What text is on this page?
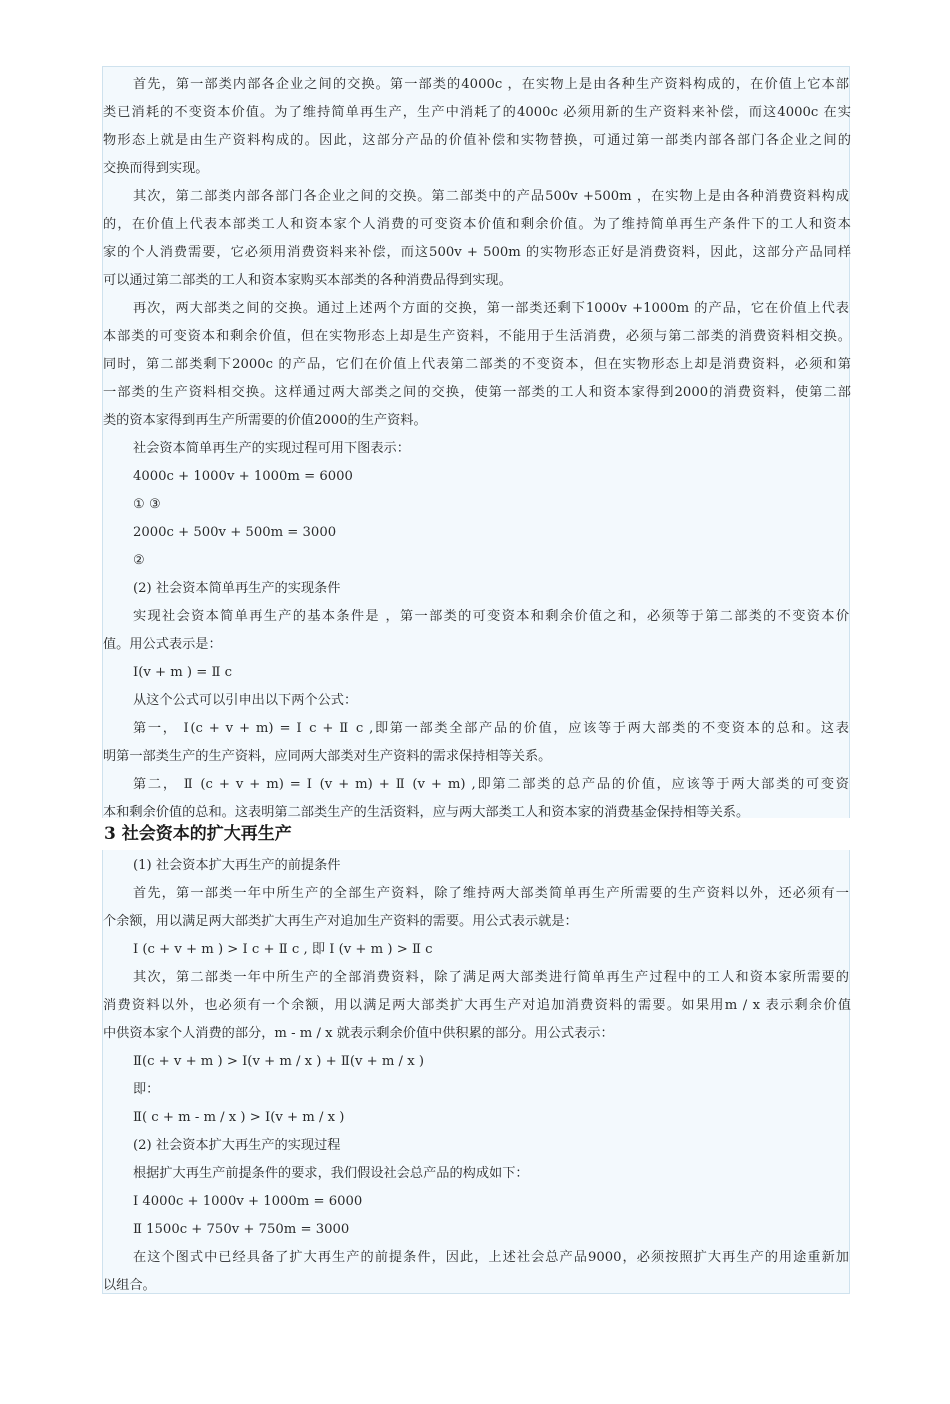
首先，第一部类内部各企业之间的交换。第一部类的4000c ，在实物上是由各种生产资料构成的，在价值上它本部

类已消耗的不变资本价值。为了维持简单再生产，生产中消耗了的4000c 必须用新的生产资料来补偿，而这4000c 在实

物形态上就是由生产资料构成的。因此，这部分产品的价值补偿和实物替换，可通过第一部类内部各部门各企业之间的

交换而得到实现。

其次，第二部类内部各部门各企业之间的交换。第二部类中的产品500v +500m ，在实物上是由各种消费资料构成

的，在价值上代表本部类工人和资本家个人消费的可变资本价值和剩余价值。为了维持简单再生产条件下的工人和资本

家的个人消费需要，它必须用消费资料来补偿，而这500v + 500m 的实物形态正好是消费资料，因此，这部分产品同样

可以通过第二部类的工人和资本家购买本部类的各种消费品得到实现。

再次，两大部类之间的交换。通过上述两个方面的交换，第一部类还剩下1000v +1000m 的产品，它在价值上代表

本部类的可变资本和剩余价值，但在实物形态上却是生产资料，不能用于生活消费，必须与第二部类的消费资料相交换。

同时，第二部类剩下2000c 的产品，它们在价值上代表第二部类的不变资本，但在实物形态上却是消费资料，必须和第

一部类的生产资料相交换。这样通过两大部类之间的交换，使第一部类的工人和资本家得到2000的消费资料，使第二部

类的资本家得到再生产所需要的价值2000的生产资料。

社会资本简单再生产的实现过程可用下图表示：

4000c + 1000v + 1000m = 6000

① ③

2000c + 500v + 500m = 3000

②

(2) 社会资本简单再生产的实现条件

实现社会资本简单再生产的基本条件是 ，第一部类的可变资本和剩余价值之和，必须等于第二部类的不变资本价

值。用公式表示是：

Ⅰ(v + m ) = Ⅱ c

从这个公式可以引申出以下两个公式：

第一， Ⅰ(c + v + m) = Ⅰ c + Ⅱ c ,即第一部类全部产品的价值，应该等于两大部类的不变资本的总和。这表

明第一部类生产的生产资料，应同两大部类对生产资料的需求保持相等关系。

第二， Ⅱ (c + v + m) = Ⅰ (v + m) + Ⅱ (v + m) ,即第二部类的总产品的价值，应该等于两大部类的可变资

本和剩余价值的总和。这表明第二部类生产的生活资料，应与两大部类工人和资本家的消费基金保持相等关系。

3 社会资本的扩大再生产

(1) 社会资本扩大再生产的前提条件

首先，第一部类一年中所生产的全部生产资料，除了维持两大部类简单再生产所需要的生产资料以外，还必须有一

个余额，用以满足两大部类扩大再生产对追加生产资料的需要。用公式表示就是：

Ⅰ (c + v + m ) > Ⅰ c + Ⅱ c , 即 Ⅰ (v + m ) > Ⅱ c

其次，第二部类一年中所生产的全部消费资料，除了满足两大部类进行简单再生产过程中的工人和资本家所需要的

消费资料以外，也必须有一个余额，用以满足两大部类扩大再生产对追加消费资料的需要。如果用m / x 表示剩余价值

中供资本家个人消费的部分，m - m / x 就表示剩余价值中供积累的部分。用公式表示：

Ⅱ(c + v + m ) > Ⅰ(v + m / x ) + Ⅱ(v + m / x )

即：

Ⅱ( c + m - m / x ) > Ⅰ(v + m / x )

(2) 社会资本扩大再生产的实现过程

根据扩大再生产前提条件的要求，我们假设社会总产品的构成如下：

Ⅰ 4000c + 1000v + 1000m = 6000

Ⅱ 1500c + 750v + 750m = 3000

在这个图式中已经具备了扩大再生产的前提条件，因此，上述社会总产品9000，必须按照扩大再生产的用途重新加

以组合。
